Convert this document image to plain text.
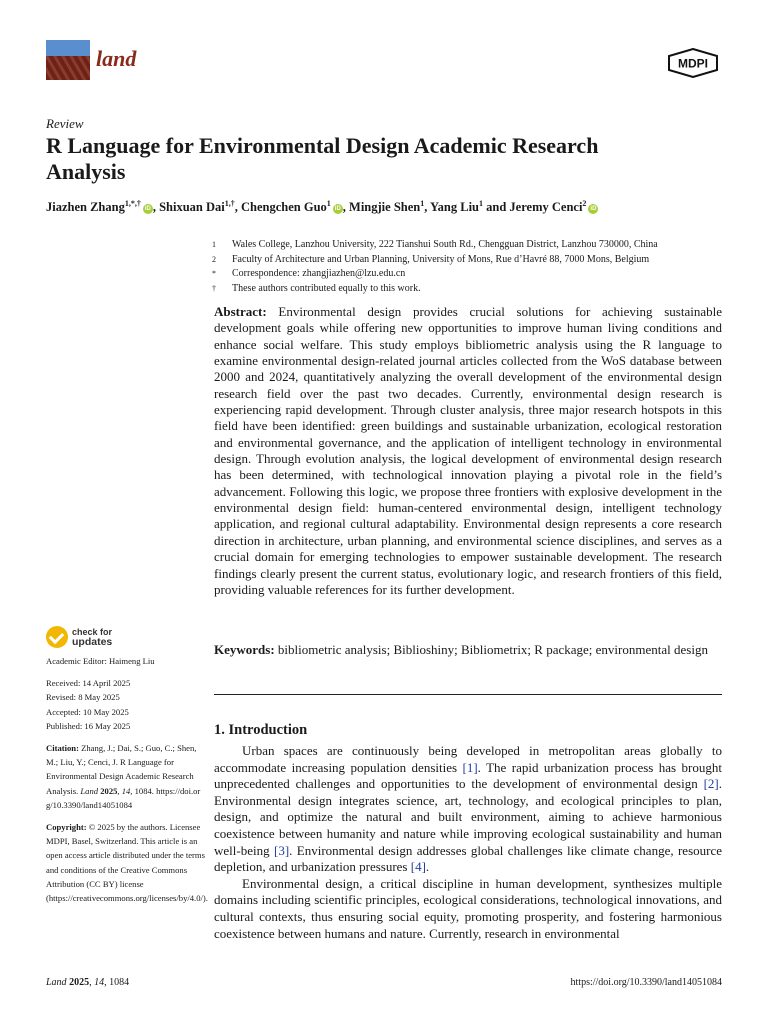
land	MDPI
Review
R Language for Environmental Design Academic Research Analysis
Jiazhen Zhang$^{1,*,\dagger}$iD , Shixuan Dai$^{1,\dagger}$, Chengchen Guo$^1$iD , Mingjie Shen$^1$, Yang Liu$^1$ and Jeremy Cenci$^2$iD
1	Wales College, Lanzhou University, 222 Tianshui South Rd., Chengguan District, Lanzhou 730000, China
2	Faculty of Architecture and Urban Planning, University of Mons, Rue d’Havré 88, 7000 Mons, Belgium
*	Correspondence: zhangjiazhen@lzu.edu.cn
†	These authors contributed equally to this work.
Abstract: Environmental design provides crucial solutions for achieving sustainable development goals while offering new opportunities to improve human living conditions and enhance social welfare. This study employs bibliometric analysis using the R language to examine environmental design-related journal articles collected from the WoS database between 2000 and 2024, quantitatively analyzing the overall development of the environmental design research field over the past two decades. Currently, environmental design research is experiencing rapid development. Through cluster analysis, three major research hotspots in this field have been identified: green buildings and sustainable urbanization, ecological restoration and environmental governance, and the application of intelligent technology in environmental design. Through evolution analysis, the logical development of environmental design research has been determined, with technological innovation playing a pivotal role in the field’s advancement. Following this logic, we propose three frontiers with explosive development in the environmental design field: human-centered environmental design, intelligent technology application, and regional cultural adaptability. Environmental design represents a core research direction in architecture, urban planning, and environmental science disciplines, and serves as a crucial domain for emerging technologies to empower sustainable development. The research findings clearly present the current status, evolutionary logic, and research frontiers of this field, providing valuable references for its further development.
Keywords: bibliometric analysis; Biblioshiny; Bibliometrix; R package; environmental design
check for
updates
Academic Editor: Haimeng Liu
Received: 14 April 2025
Revised: 8 May 2025
Accepted: 10 May 2025
Published: 16 May 2025
Citation: Zhang, J.; Dai, S.; Guo, C.; Shen, M.; Liu, Y.; Cenci, J. R Language for Environmental Design Academic Research Analysis. Land 2025, 14, 1084. https://doi.org/10.3390/land14051084
Copyright: © 2025 by the authors. Licensee MDPI, Basel, Switzerland. This article is an open access article distributed under the terms and conditions of the Creative Commons Attribution (CC BY) license (https://creativecommons.org/licenses/by/4.0/).
1. Introduction

Urban spaces are continuously being developed in metropolitan areas globally to accommodate increasing population densities [1]. The rapid urbanization process has brought unprecedented challenges and opportunities to the development of environmental design [2]. Environmental design integrates science, art, technology, and ecological principles to plan, design, and optimize the natural and built environment, aiming to achieve harmonious coexistence between humanity and nature while improving ecological sustainability and human well-being [3]. Environmental design addresses global challenges like climate change, resource depletion, and urbanization pressures [4].

Environmental design, a critical discipline in human development, synthesizes multiple domains including scientific principles, ecological considerations, technological innovations, and cultural contexts, thus ensuring social equity, promoting prosperity, and fostering harmonious coexistence between humans and nature. Currently, research in environmental

Land 2025, 14, 1084	https://doi.org/10.3390/land14051084
